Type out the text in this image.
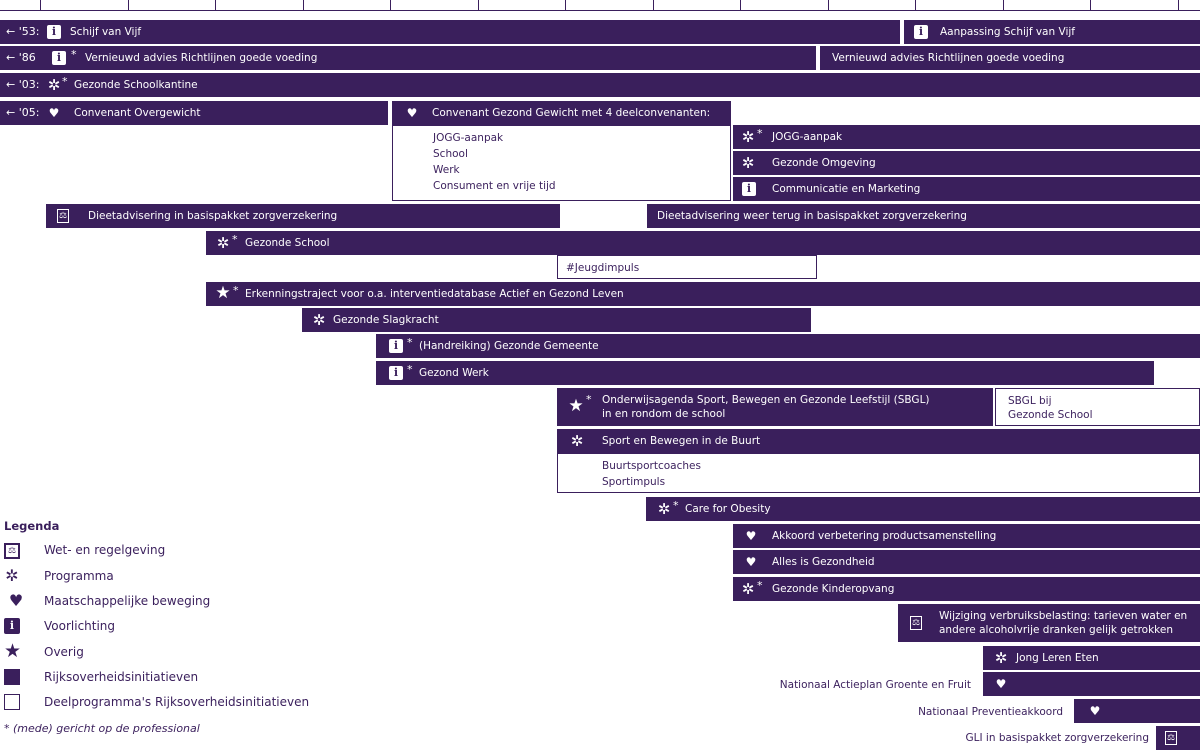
← '53:	i	Schijf van Vijf	i	Aanpassing Schijf van Vijf
← '86	i * Vernieuwd advies Richtlijnen goede voeding	Vernieuwd advies Richtlijnen goede voeding
← '03: ✲ * Gezonde Schoolkantine
← '05: ♥	Convenant Overgewicht	♥	Convenant Gezond Gewicht met 4 deelconvenanten:
JOGG-aanpak
School
Werk
Consument en vrije tijd
✲ * JOGG-aanpak
✲ Gezonde Omgeving
i	Communicatie en Marketing
⚖ Dieetadvisering in basispakket zorgverzekering	Dieetadvisering weer terug in basispakket zorgverzekering
✲ * Gezonde School
#Jeugdimpuls
★ * Erkenningstraject voor o.a. interventiedatabase Actief en Gezond Leven
✲ Gezonde Slagkracht
i * (Handreiking) Gezonde Gemeente
i * Gezond Werk
★ * Onderwijsagenda Sport, Bewegen en Gezonde Leefstijl (SBGL)
in en rondom de school
SBGL bij
Gezonde School
✲ Sport en Bewegen in de Buurt
Buurtsportcoaches
Sportimpuls
✲ * Care for Obesity
♥	Akkoord verbetering productsamenstelling
♥	Alles is Gezondheid
✲ * Gezonde Kinderopvang
⚖
Wijziging verbruiksbelasting: tarieven water en
andere alcoholvrije dranken gelijk getrokken
✲ Jong Leren Eten
Nationaal Actieplan Groente en Fruit	♥
Nationaal Preventieakkoord	♥
GLI in basispakket zorgverzekering ⚖
Legenda
⚖	Wet- en regelgeving
✲ Programma
♥	Maatschappelijke beweging
i	Voorlichting
★ Overig
Rijksoverheidsinitiatieven
Deelprogramma's Rijksoverheidsinitiatieven
* (mede) gericht op de professional
